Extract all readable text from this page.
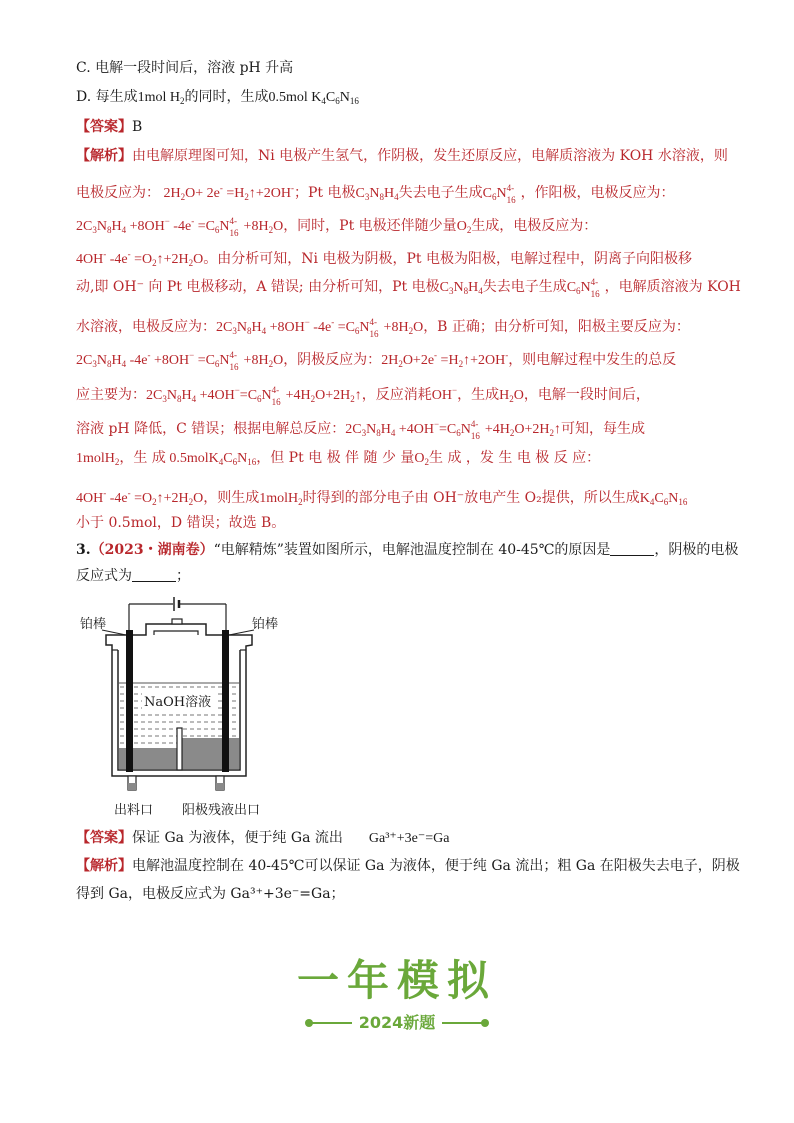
C. 电解一段时间后，溶液 pH 升高
D. 每生成1mol $H_2$的同时，生成0.5mol $K_4C_6N_{16}$
【答案】B
【解析】由电解原理图可知，Ni 电极产生氢气，作阴极，发生还原反应，电解质溶液为 KOH 水溶液，则
电极反应为： $2H_2O+ 2e^-$ $=H_2↑+2OH^-$；Pt 电极$C_3N_8H_4$失去电子生成$C_6N$ 4-
16 ，作阳极，电极反应为：
$2C_3N_8H_4 +8OH^-$ $-4e^- =C_6N$ 4-
$16 +8H_2O$，同时，Pt 电极还伴随少量$O_2$生成，电极反应为：
4OH- $-4e^- =O_2↑+2H_2O$。由分析可知，Ni 电极为阴极，Pt 电极为阳极，电解过程中，阴离子向阳极移
动,即 OH⁻ 向 Pt 电极移动，A 错误; 由分析可知，Pt 电极$C_3N_8H_4$失去电子生成$C_6N$ 4-
16 ，电解质溶液为 KOH
水溶液，电极反应为：$2C_3N_8H_4 +8OH^-$ $-4e^- =C_6N$ 4-
$16 +8H_2O$，B 正确；由分析可知，阳极主要反应为：
$2C_3N_8H_4$ $-4e^- +8OH^- =C_6N$ 4-
$16 +8H_2O$，阴极反应为：$2H_2O+2e^-$ $=H_2↑+2OH^-$，则电解过程中发生的总反
应主要为：$2C_3N_8H_4 +4OH^-=C_6N$ 4-
$16 +4H_2O+2H_2↑$，反应消耗OH−，生成$H_2O$，电解一段时间后，
溶液 pH 降低，C 错误；根据电解总反应：$2C_3N_8H_4 +4OH^-=C_6N$ 4-
$16 +4H_2O+2H_2↑$可知，每生成
1molH$_2$，生 成 $0.5molK_4C_6N_{16}$，但 Pt 电 极 伴 随 少 量$O_2$生 成 ，发 生 电 极 反 应：
4OH- $-4e^- =O_2↑+2H_2O$，则生成1molH$_2$时得到的部分电子由 OH⁻放电产生 O₂提供，所以生成$K_4C_6N_{16}$
小于 0.5mol，D 错误；故选 B。
3.（2023・湖南卷）“电解精炼”装置如图所示，电解池温度控制在 40-45℃的原因是	，阴极的电极
反应式为	；
铂棒	铂棒
NaOH溶液
出料口 阳极残液出口
【答案】保证 Ga 为液体，便于纯 Ga 流出 Ga³⁺+3e⁻=Ga
【解析】电解池温度控制在 40-45℃可以保证 Ga 为液体，便于纯 Ga 流出；粗 Ga 在阳极失去电子，阴极
得到 Ga，电极反应式为 Ga³⁺+3e⁻=Ga；
一年模拟
2024新题
